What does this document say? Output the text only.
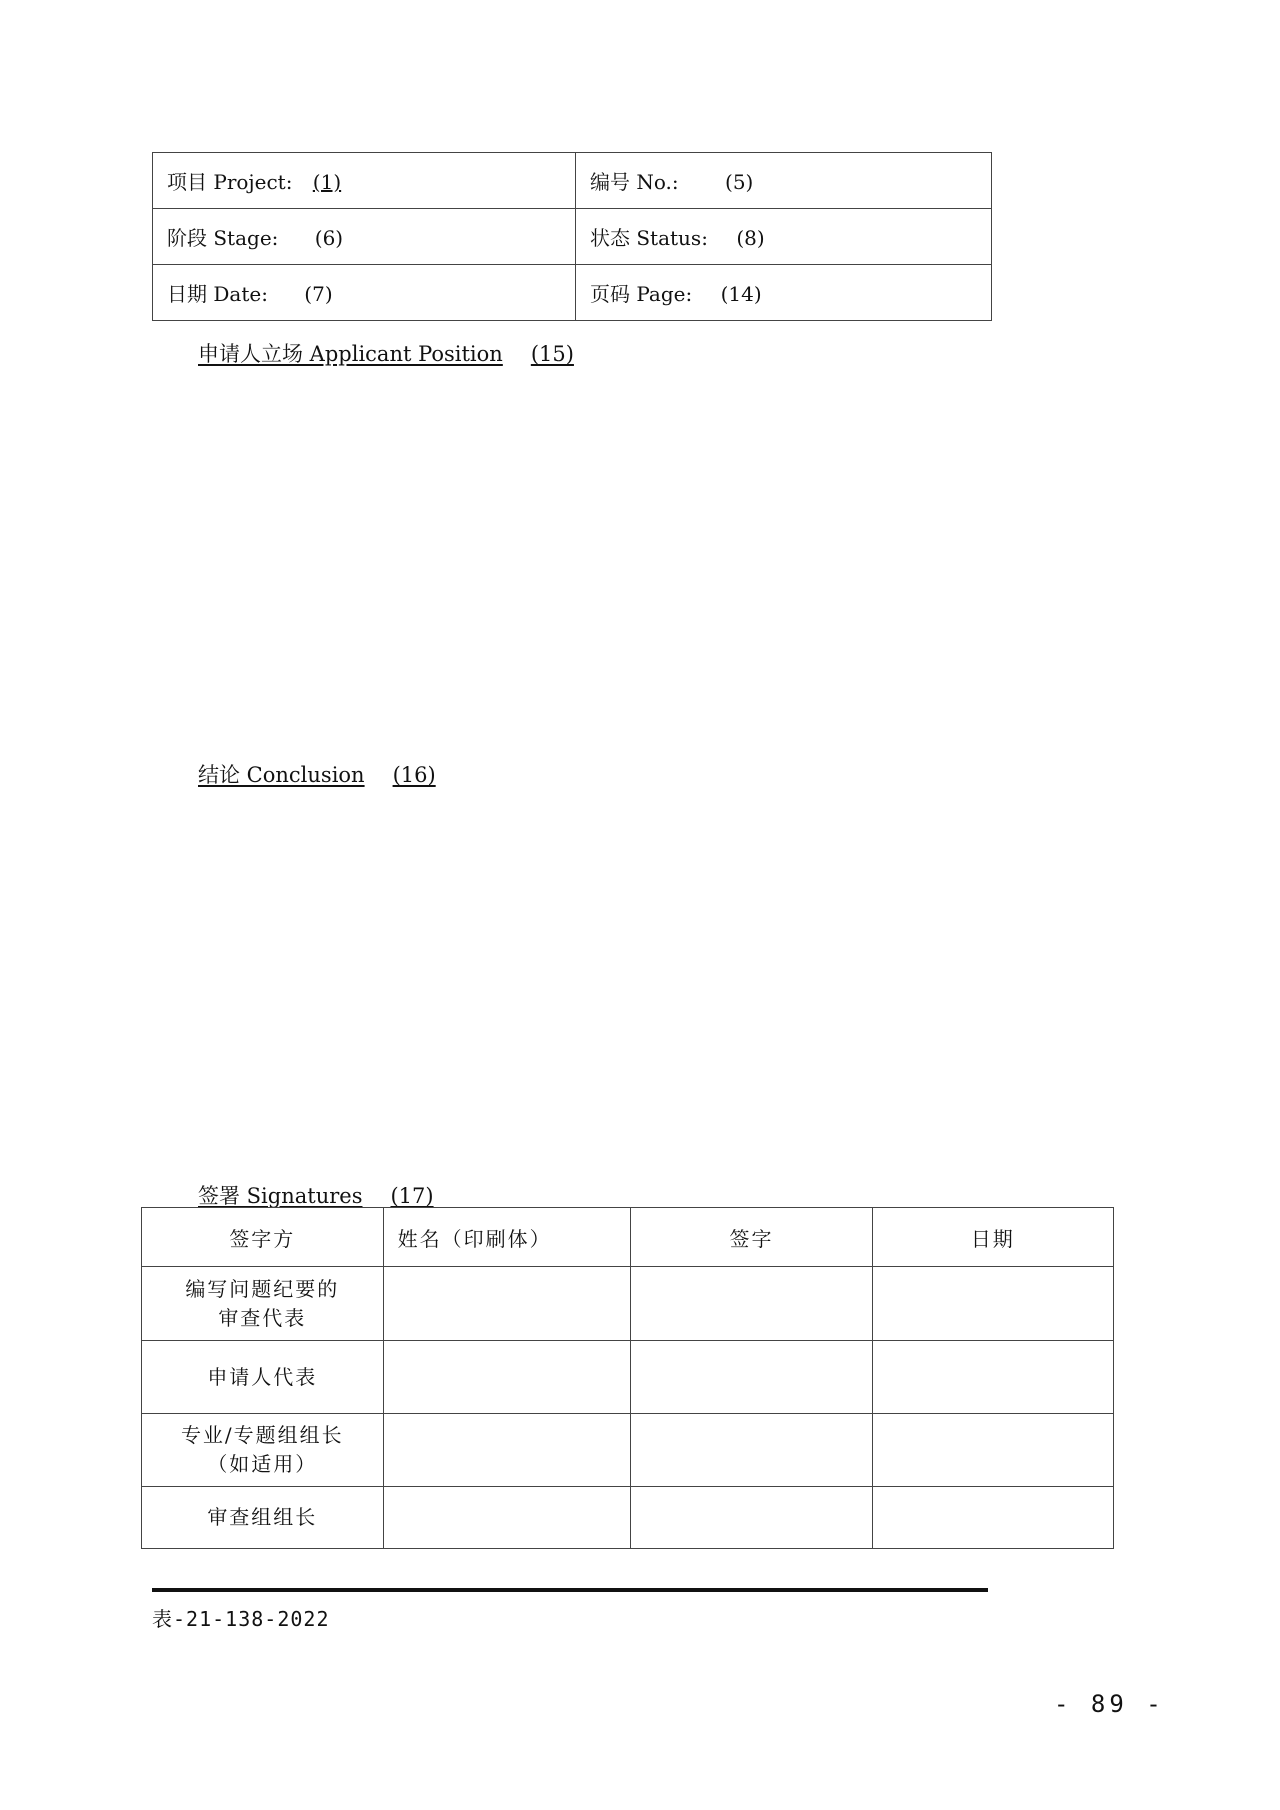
项目 Project: (1)	编号 No.: (5)
阶段 Stage: (6)	状态 Status: (8)
日期 Date: (7)	页码 Page: (14)
申请人立场 Applicant Position (15)
结论 Conclusion (16)
签署 Signatures (17)
签字方	姓名（印刷体）	签字	日期

编写问题纪要的
审查代表			

申请人代表			

专业/专题组组长
（如适用）			

审查组组长			

表-21-138-2022
- 89 -
